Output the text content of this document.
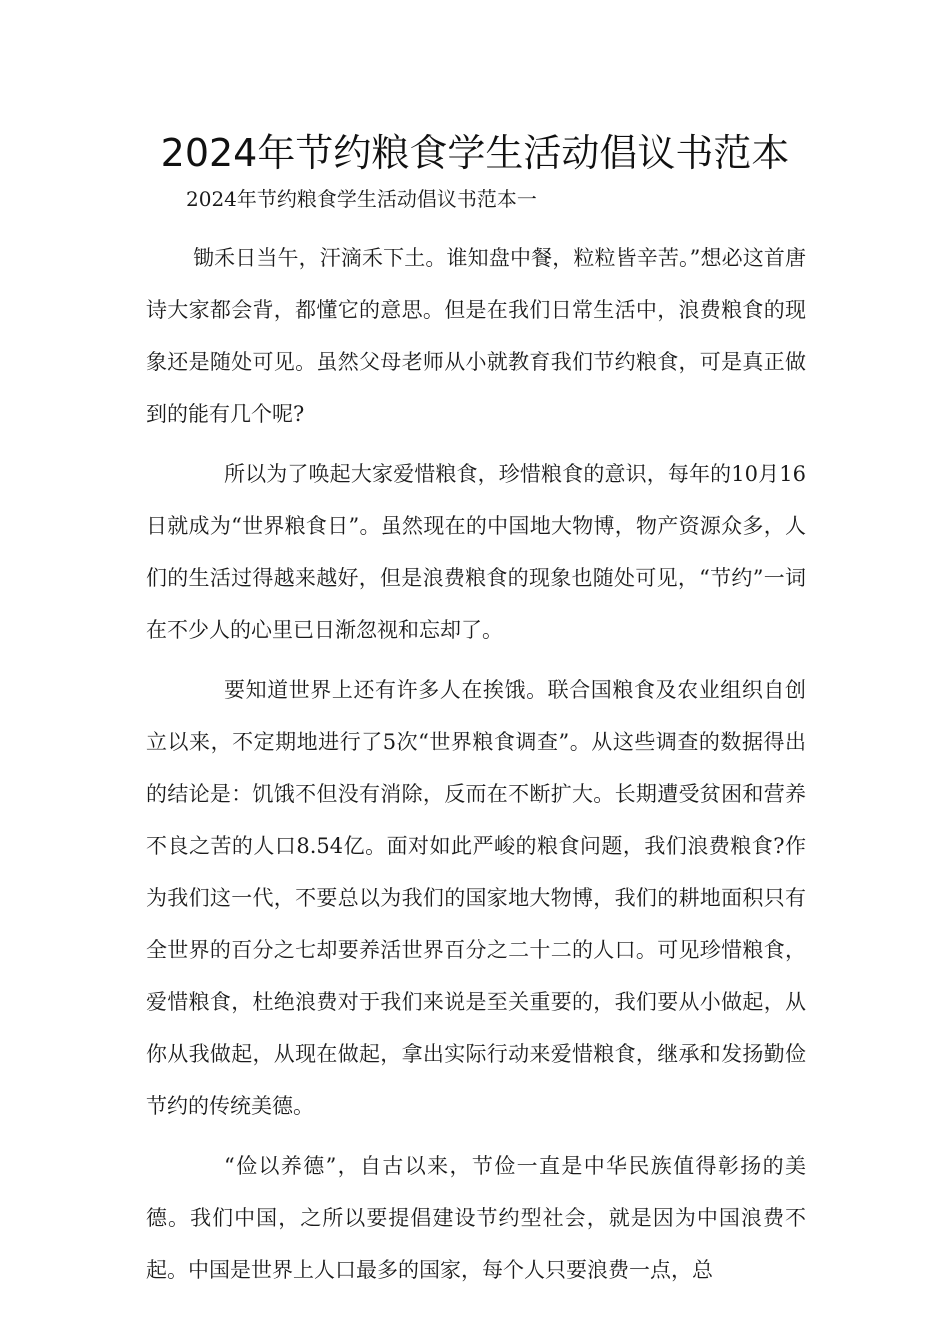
2024年节约粮食学生活动倡议书范本
2024年节约粮食学生活动倡议书范本一

锄禾日当午，汗滴禾下土。谁知盘中餐，粒粒皆辛苦。”想必这首唐诗大家都会背，都懂它的意思。但是在我们日常生活中，浪费粮食的现象还是随处可见。虽然父母老师从小就教育我们节约粮食，可是真正做到的能有几个呢?

所以为了唤起大家爱惜粮食，珍惜粮食的意识，每年的10月16日就成为“世界粮食日”。虽然现在的中国地大物博，物产资源众多，人们的生活过得越来越好，但是浪费粮食的现象也随处可见，“节约”一词在不少人的心里已日渐忽视和忘却了。

要知道世界上还有许多人在挨饿。联合国粮食及农业组织自创立以来，不定期地进行了5次“世界粮食调查”。从这些调查的数据得出的结论是：饥饿不但没有消除，反而在不断扩大。长期遭受贫困和营养不良之苦的人口8.54亿。面对如此严峻的粮食问题，我们浪费粮食?作为我们这一代，不要总以为我们的国家地大物博，我们的耕地面积只有全世界的百分之七却要养活世界百分之二十二的人口。可见珍惜粮食，爱惜粮食，杜绝浪费对于我们来说是至关重要的，我们要从小做起，从你从我做起，从现在做起，拿出实际行动来爱惜粮食，继承和发扬勤俭节约的传统美德。

“俭以养德”，自古以来，节俭一直是中华民族值得彰扬的美德。我们中国，之所以要提倡建设节约型社会，就是因为中国浪费不起。中国是世界上人口最多的国家，每个人只要浪费一点，总
